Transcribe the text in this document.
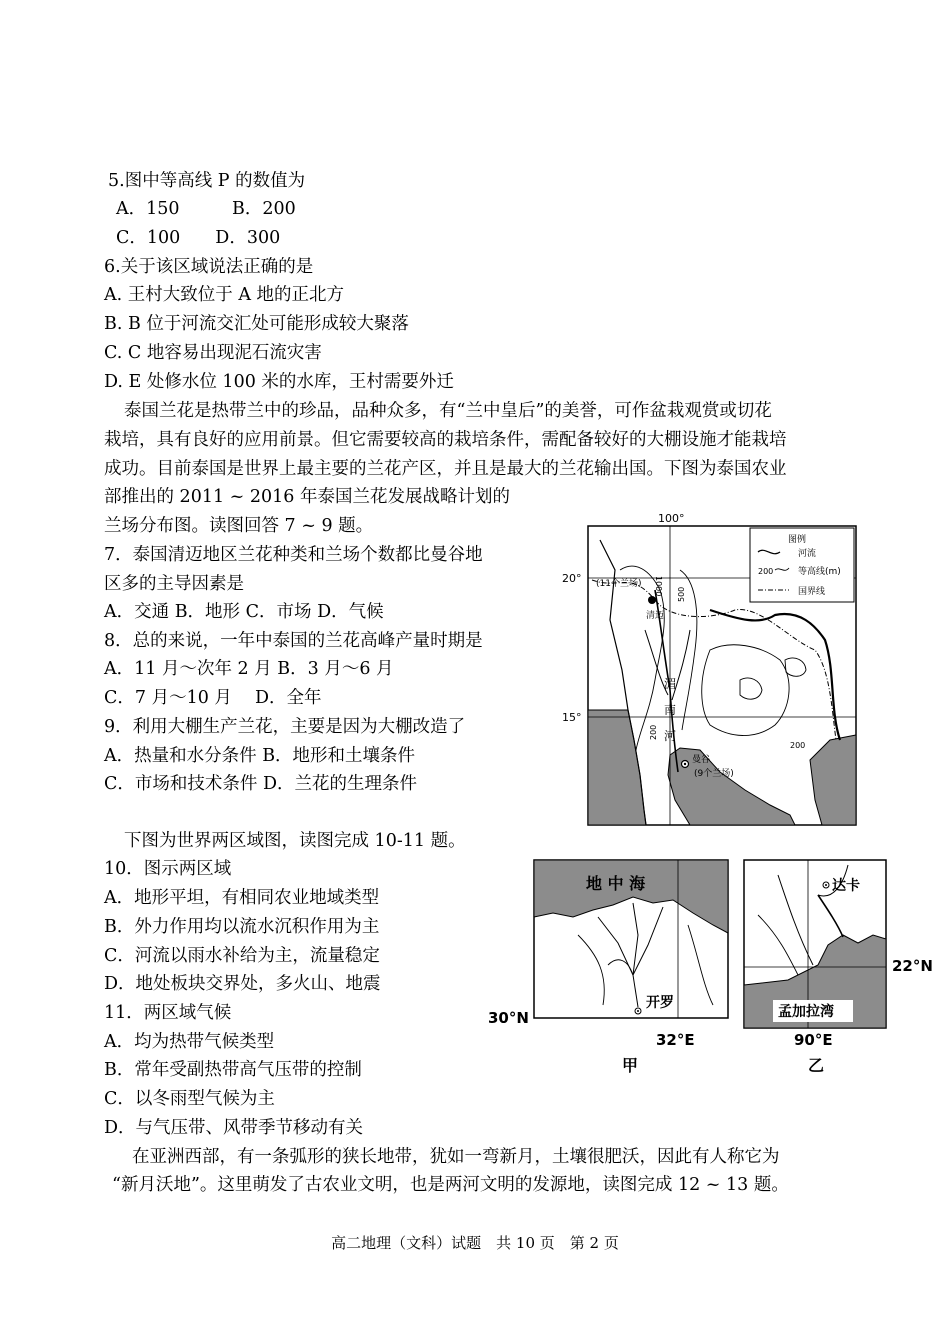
5.图中等高线 P 的数值为
A．150　　　B．200
C．100　　D．300
6.关于该区域说法正确的是
A. 王村大致位于 A 地的正北方
B. B 位于河流交汇处可能形成较大聚落
C. C 地容易出现泥石流灾害
D. E 处修水位 100 米的水库，王村需要外迁
泰国兰花是热带兰中的珍品，品种众多，有“兰中皇后”的美誉，可作盆栽观赏或切花
栽培，具有良好的应用前景。但它需要较高的栽培条件，需配备较好的大棚设施才能栽培
成功。目前泰国是世界上最主要的兰花产区，并且是最大的兰花输出国。下图为泰国农业
部推出的 2011 ~ 2016 年泰国兰花发展战略计划的
兰场分布图。读图回答 7 ~ 9 题。
7．泰国清迈地区兰花种类和兰场个数都比曼谷地
区多的主导因素是
A．交通 B．地形 C．市场 D．气候
8．总的来说，一年中泰国的兰花高峰产量时期是
A．11 月～次年 2 月 B．3 月～6 月
C．7 月～10 月　 D．全年
9．利用大棚生产兰花，主要是因为大棚改造了
A．热量和水分条件 B．地形和土壤条件
C．市场和技术条件 D．兰花的生理条件
100°
20°
15°
图例
河流
200	等高线(m)
国界线
(11个兰场)
清迈
曼谷
(9个兰场)
湄
南
河
1000 500
200
200
下图为世界两区域图，读图完成 10-11 题。
10．图示两区域
A．地形平坦，有相同农业地域类型
B．外力作用均以流水沉积作用为主
C．河流以雨水补给为主，流量稳定
D．地处板块交界处，多火山、地震
11．两区域气候
A．均为热带气候类型
B．常年受副热带高气压带的控制
C．以冬雨型气候为主
D．与气压带、风带季节移动有关
地 中 海
开罗
30°N
32°E
甲
达卡
孟加拉湾
22°N
90°E
乙
在亚洲西部，有一条弧形的狭长地带，犹如一弯新月，土壤很肥沃，因此有人称它为
“新月沃地”。这里萌发了古农业文明，也是两河文明的发源地，读图完成 12 ~ 13 题。
高二地理（文科）试题　共 10 页　第 2 页
